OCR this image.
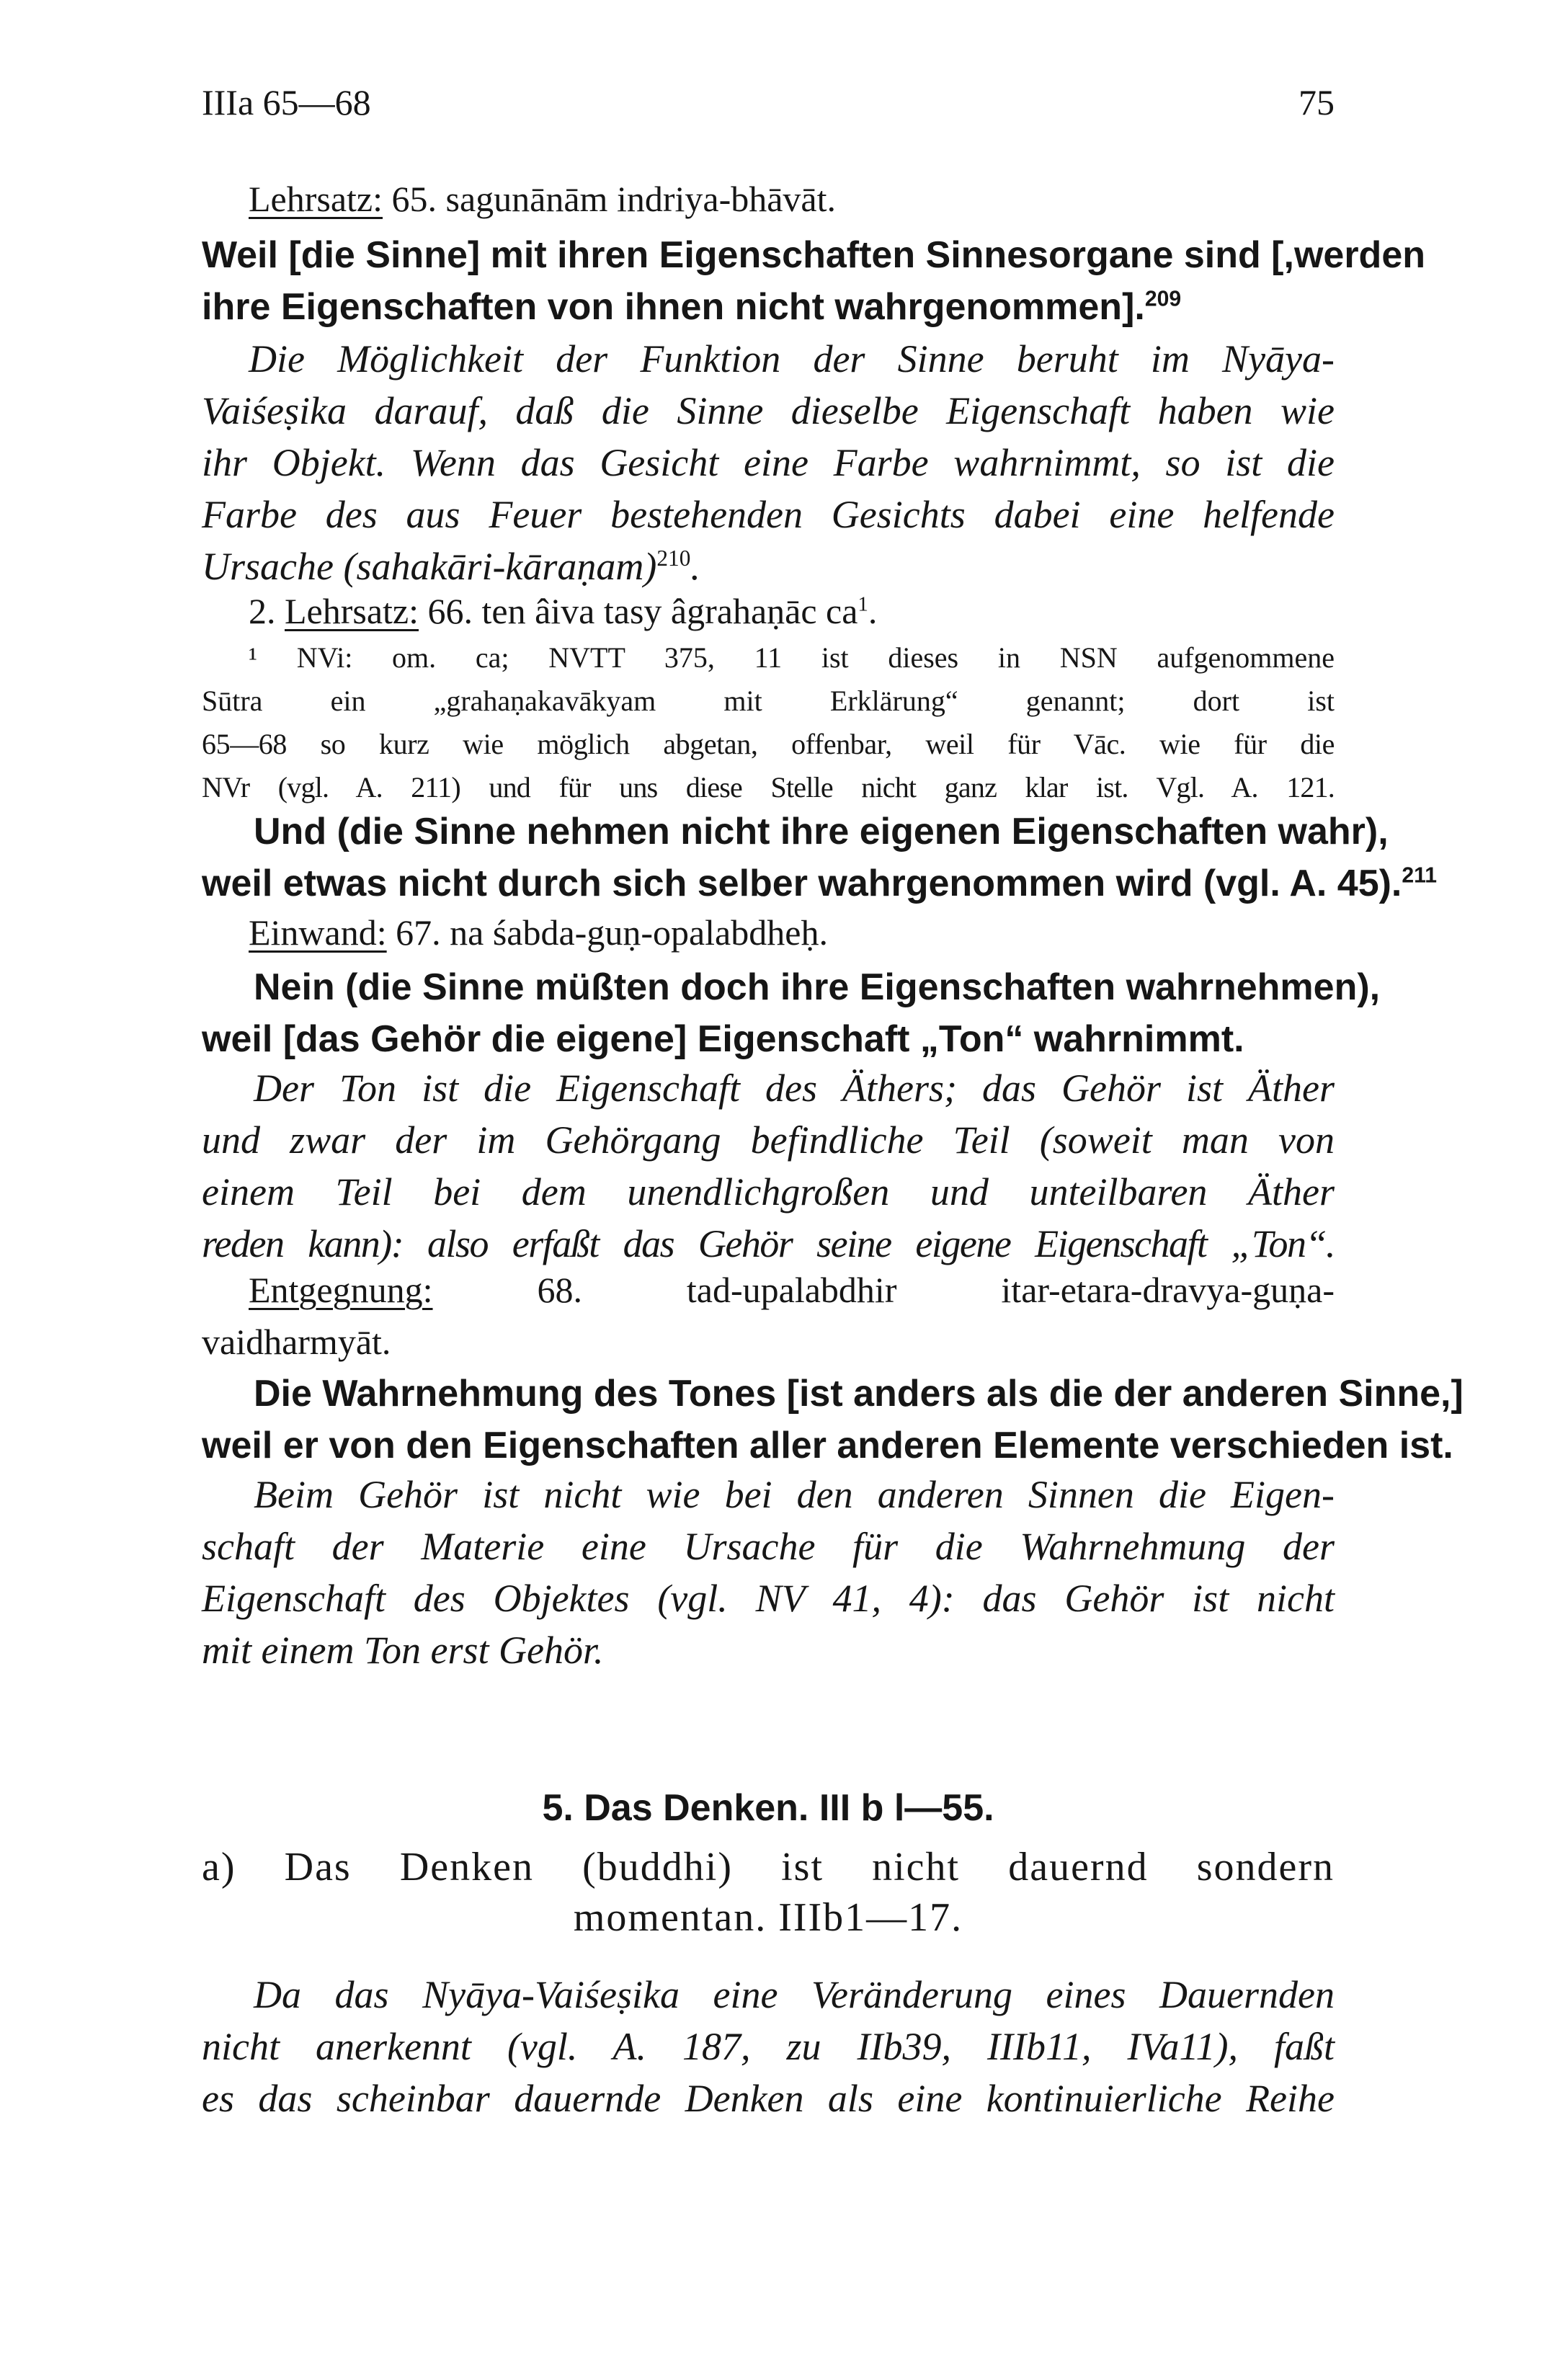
IIIa 65—68	75
Lehrsatz: 65. sagunānām indriya-bhāvāt.
Weil [die Sinne] mit ihren Eigenschaften Sinnesorgane sind [,werden
ihre Eigenschaften von ihnen nicht wahrgenommen].$^{209}$
Die Möglichkeit der Funktion der Sinne beruht im Nyāya-
Vaiśeṣika darauf, daß die Sinne dieselbe Eigenschaft haben wie
ihr Objekt. Wenn das Gesicht eine Farbe wahrnimmt, so ist die
Farbe des aus Feuer bestehenden Gesichts dabei eine helfende
Ursache (sahakāri-kāraṇam)$^{210}$.
2. Lehrsatz: 66. ten âiva tasy âgrahaṇāc $ca^1$.
¹ NVi: om. ca; NVTT 375, 11 ist dieses in NSN aufgenommene
Sūtra ein „grahaṇakavākyam mit Erklärung“ genannt; dort ist
65—68 so kurz wie möglich abgetan, offenbar, weil für Vāc. wie für die
NVr (vgl. A. 211) und für uns diese Stelle nicht ganz klar ist. Vgl. A. 121.
Und (die Sinne nehmen nicht ihre eigenen Eigenschaften wahr),
weil etwas nicht durch sich selber wahrgenommen wird (vgl. A. 45).$^{211}$
Einwand: 67. na śabda-guṇ-opalabdheḥ.
Nein (die Sinne müßten doch ihre Eigenschaften wahrnehmen),
weil [das Gehör die eigene] Eigenschaft „Ton“ wahrnimmt.
Der Ton ist die Eigenschaft des Äthers; das Gehör ist Äther
und zwar der im Gehörgang befindliche Teil (soweit man von
einem Teil bei dem unendlichgroßen und unteilbaren Äther
reden kann): also erfaßt das Gehör seine eigene Eigenschaft „Ton“.
Entgegnung: 68. tad-upalabdhir itar-etara-dravya-guṇa-
vaidharmyāt.
Die Wahrnehmung des Tones [ist anders als die der anderen Sinne,]
weil er von den Eigenschaften aller anderen Elemente verschieden ist.
Beim Gehör ist nicht wie bei den anderen Sinnen die Eigen-
schaft der Materie eine Ursache für die Wahrnehmung der
Eigenschaft des Objektes (vgl. NV 41, 4): das Gehör ist nicht
mit einem Ton erst Gehör.
5. Das Denken. III b l—55.
a) Das Denken (buddhi) ist nicht dauernd sondern
momentan. IIIb1—17.
Da das Nyāya-Vaiśeṣika eine Veränderung eines Dauernden
nicht anerkennt (vgl. A. 187, zu IIb39, IIIb11, IVa11), faßt
es das scheinbar dauernde Denken als eine kontinuierliche Reihe
